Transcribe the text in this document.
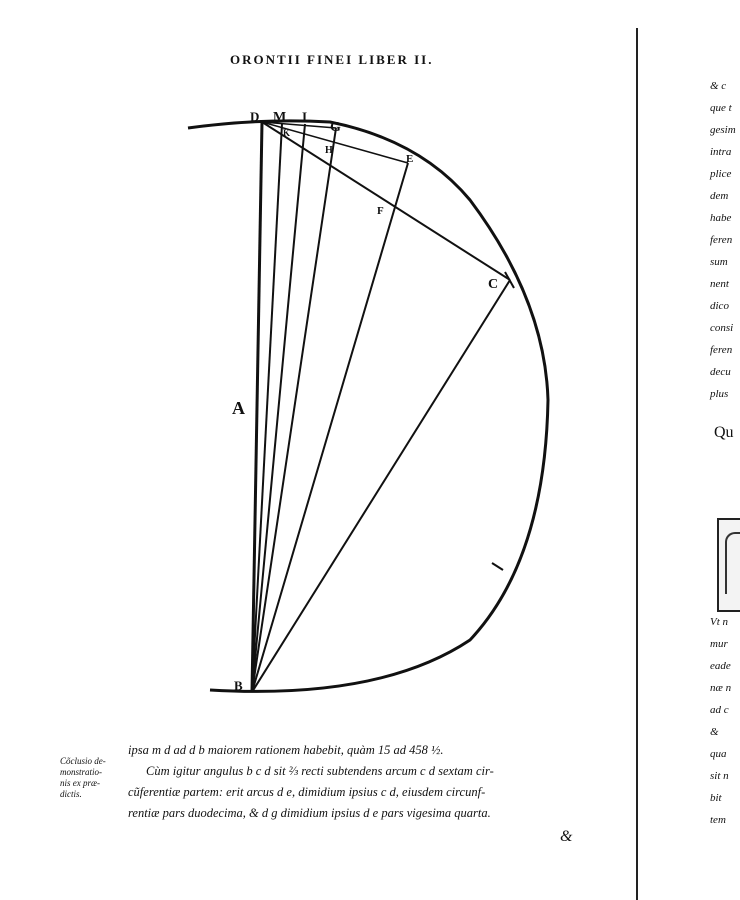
ORONTII FINEI LIBER II.
D M I
G
K
H
E
F
C
A
B
Cõclusio de-
monstratio-
nis ex præ-
dictis.
ipsa m d ad d b maiorem rationem habebit, quàm 15 ad 458 ½.
Cùm igitur angulus b c d sit ⅔ recti subtendens arcum c d sextam cir-
cũferentiæ partem: erit arcus d e, dimidium ipsius c d, eiusdem circunf-
rentiæ pars duodecima, & d g dimidium ipsius d e pars vigesima quarta.
&
& c
que t
gesim
intra
plice
dem
habe
feren
sum
nent
dico
consi
feren
decu
plus
Qu
Vt n
mur
eade
næ n
ad c
&
qua
sit n
bit
tem
